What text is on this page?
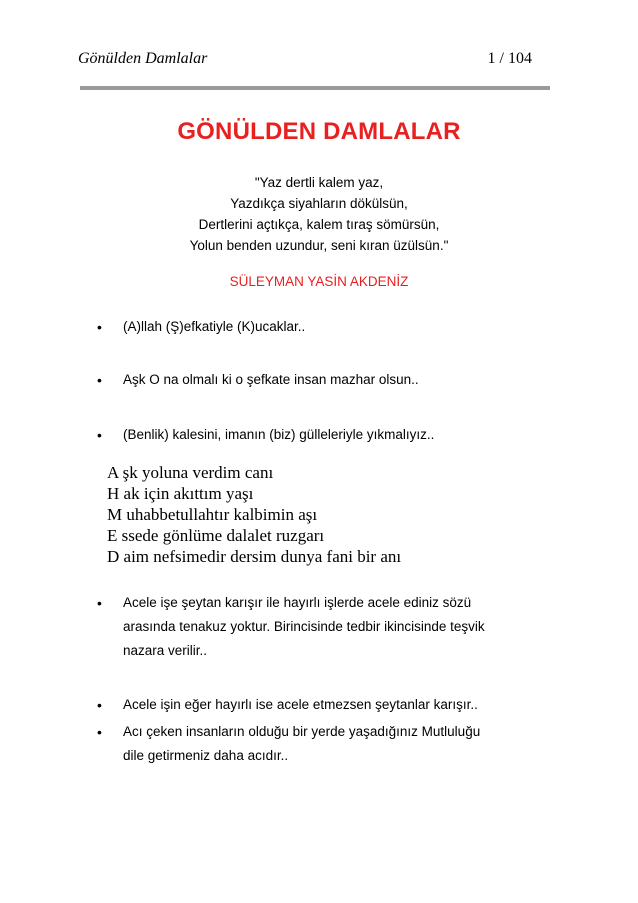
Gönülden Damlalar	1 / 104
GÖNÜLDEN DAMLALAR
"Yaz dertli kalem yaz,
Yazdıkça siyahların dökülsün,
Dertlerini açtıkça, kalem tıraş sömürsün,
Yolun benden uzundur, seni kıran üzülsün."
SÜLEYMAN YASİN AKDENİZ
• (A)llah (Ş)efkatiyle (K)ucaklar..
• Aşk O na olmalı ki o şefkate insan mazhar olsun..
• (Benlik) kalesini, imanın (biz) gülleleriyle yıkmalıyız..
A şk yoluna verdim canı
H ak için akıttım yaşı
M uhabbetullahtır kalbimin aşı
E ssede gönlüme dalalet ruzgarı
D aim nefsimedir dersim dunya fani bir anı
• Acele işe şeytan karışır ile hayırlı işlerde acele ediniz sözü
arasında tenakuz yoktur. Birincisinde tedbir ikincisinde teşvik
nazara verilir..
• Acele işin eğer hayırlı ise acele etmezsen şeytanlar karışır..
• Acı çeken insanların olduğu bir yerde yaşadığınız Mutluluğu
dile getirmeniz daha acıdır..
